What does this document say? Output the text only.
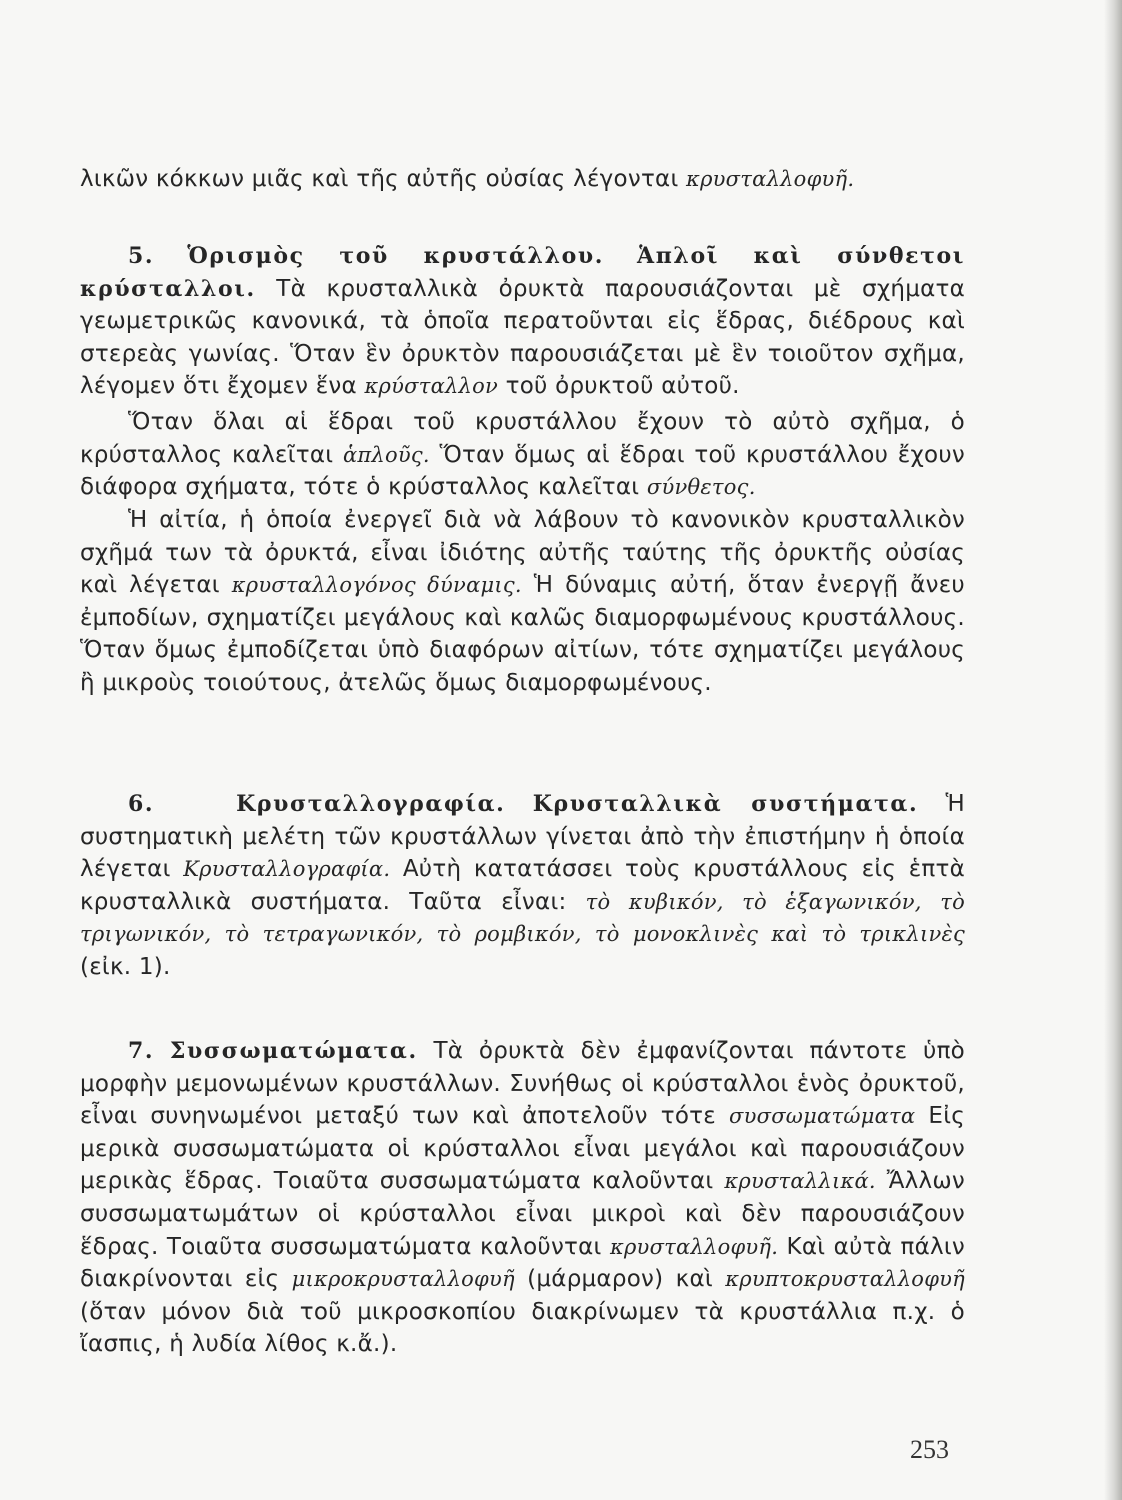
λικῶν κόκκων μιᾶς καὶ τῆς αὐτῆς οὐσίας λέγονται κρυσταλλοφυῆ.
5. Ὁρισμὸς τοῦ κρυστάλλου. Ἁπλοῖ καὶ σύνθετοι κρύσταλλοι. Τὰ κρυσταλλικὰ ὀρυκτὰ παρουσιάζονται μὲ σχήματα γεωμετρικῶς κανονικά, τὰ ὁποῖα περατοῦνται εἰς ἕδρας, διέδρους καὶ στερεὰς γωνίας. Ὅταν ἓν ὀρυκτὸν παρουσιάζεται μὲ ἓν τοιοῦτον σχῆμα, λέγομεν ὅτι ἔχομεν ἕνα κρύσταλλον τοῦ ὀρυκτοῦ αὐτοῦ.
Ὅταν ὅλαι αἱ ἕδραι τοῦ κρυστάλλου ἔχουν τὸ αὐτὸ σχῆμα, ὁ κρύσταλλος καλεῖται ἁπλοῦς. Ὅταν ὅμως αἱ ἕδραι τοῦ κρυστάλλου ἔχουν διάφορα σχήματα, τότε ὁ κρύσταλλος καλεῖται σύνθετος.
Ἡ αἰτία, ἡ ὁποία ἐνεργεῖ διὰ νὰ λάβουν τὸ κανονικὸν κρυσταλλικὸν σχῆμά των τὰ ὀρυκτά, εἶναι ἰδιότης αὐτῆς ταύτης τῆς ὀρυκτῆς οὐσίας καὶ λέγεται κρυσταλλογόνος δύναμις. Ἡ δύναμις αὐτή, ὅταν ἐνεργῇ ἄνευ ἐμποδίων, σχηματίζει μεγάλους καὶ καλῶς διαμορφωμένους κρυστάλλους. Ὅταν ὅμως ἐμποδίζεται ὑπὸ διαφόρων αἰτίων, τότε σχηματίζει μεγάλους ἢ μικροὺς τοιούτους, ἀτελῶς ὅμως διαμορφωμένους.
6.	Κρυσταλλογραφία. Κρυσταλλικὰ συστήματα. Ἡ συστηματικὴ μελέτη τῶν κρυστάλλων γίνεται ἀπὸ τὴν ἐπιστήμην ἡ ὁποία λέγεται Κρυσταλλογραφία. Αὐτὴ κατατάσσει τοὺς κρυστάλλους εἰς ἑπτὰ κρυσταλλικὰ συστήματα. Ταῦτα εἶναι: τὸ κυβικόν, τὸ ἑξαγωνικόν, τὸ τριγωνικόν, τὸ τετραγωνικόν, τὸ ρομβικόν, τὸ μονοκλινὲς καὶ τὸ τρικλινὲς (εἰκ. 1).
7. Συσσωματώματα. Τὰ ὀρυκτὰ δὲν ἐμφανίζονται πάντοτε ὑπὸ μορφὴν μεμονωμένων κρυστάλλων. Συνήθως οἱ κρύσταλλοι ἑνὸς ὀρυκτοῦ, εἶναι συνηνωμένοι μεταξύ των καὶ ἀποτελοῦν τότε συσσωματώματα Εἰς μερικὰ συσσωματώματα οἱ κρύσταλλοι εἶναι μεγάλοι καὶ παρουσιάζουν μερικὰς ἕδρας. Τοιαῦτα συσσωματώματα καλοῦνται κρυσταλλικά. Ἄλλων συσσωματωμάτων οἱ κρύσταλλοι εἶναι μικροὶ καὶ δὲν παρουσιάζουν ἕδρας. Τοιαῦτα συσσωματώματα καλοῦνται κρυσταλλοφυῆ. Καὶ αὐτὰ πάλιν διακρίνονται εἰς μικροκρυσταλλοφυῆ (μάρμαρον) καὶ κρυπτοκρυσταλλοφυῆ (ὅταν μόνον διὰ τοῦ μικροσκοπίου διακρίνωμεν τὰ κρυστάλλια π.χ. ὁ ἴασπις, ἡ λυδία λίθος κ.ἄ.).
253
